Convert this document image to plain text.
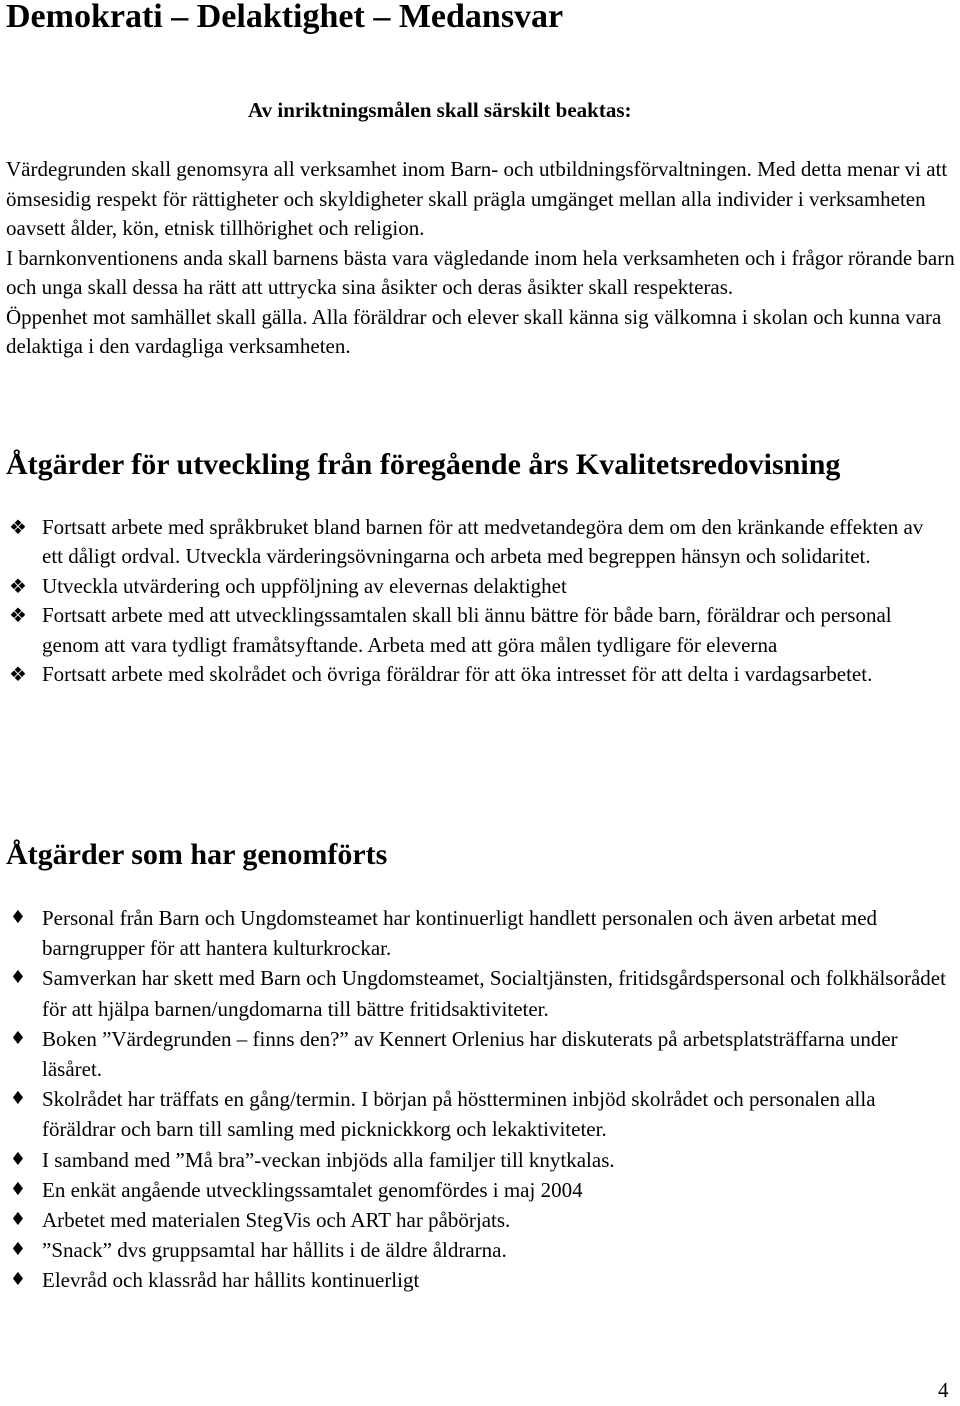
Demokrati – Delaktighet – Medansvar
Av inriktningsmålen skall särskilt beaktas:

Värdegrunden skall genomsyra all verksamhet inom Barn- och utbildningsförvaltningen. Med detta menar vi att ömsesidig respekt för rättigheter och skyldigheter skall prägla umgänget mellan alla individer i verksamheten oavsett ålder, kön, etnisk tillhörighet och religion.

I barnkonventionens anda skall barnens bästa vara vägledande inom hela verksamheten och i frågor rörande barn och unga skall dessa ha rätt att uttrycka sina åsikter och deras åsikter skall respekteras.

Öppenhet mot samhället skall gälla. Alla föräldrar och elever skall känna sig välkomna i skolan och kunna vara delaktiga i den vardagliga verksamheten.

Åtgärder för utveckling från föregående års Kvalitetsredovisning
❖ Fortsatt arbete med språkbruket bland barnen för att medvetandegöra dem om den kränkande effekten av ett dåligt ordval. Utveckla värderingsövningarna och arbeta med begreppen hänsyn och solidaritet.
❖ Utveckla utvärdering och uppföljning av elevernas delaktighet
❖ Fortsatt arbete med att utvecklingssamtalen skall bli ännu bättre för både barn, föräldrar och personal genom att vara tydligt framåtsyftande. Arbeta med att göra målen tydligare för eleverna
❖ Fortsatt arbete med skolrådet och övriga föräldrar för att öka intresset för att delta i vardagsarbetet.
Åtgärder som har genomförts
♦ Personal från Barn och Ungdomsteamet har kontinuerligt handlett personalen och även arbetat med barngrupper för att hantera kulturkrockar.
♦ Samverkan har skett med Barn och Ungdomsteamet, Socialtjänsten, fritidsgårdspersonal och folkhälsorådet för att hjälpa barnen/ungdomarna till bättre fritidsaktiviteter.
♦ Boken ”Värdegrunden – finns den?” av Kennert Orlenius har diskuterats på arbetsplatsträffarna under läsåret.
♦ Skolrådet har träffats en gång/termin. I början på höstterminen inbjöd skolrådet och personalen alla föräldrar och barn till samling med picknickkorg och lekaktiviteter.
♦ I samband med ”Må bra”-veckan inbjöds alla familjer till knytkalas.
♦ En enkät angående utvecklingssamtalet genomfördes i maj 2004
♦ Arbetet med materialen StegVis och ART har påbörjats.
♦ ”Snack” dvs gruppsamtal har hållits i de äldre åldrarna.
♦ Elevråd och klassråd har hållits kontinuerligt
4
